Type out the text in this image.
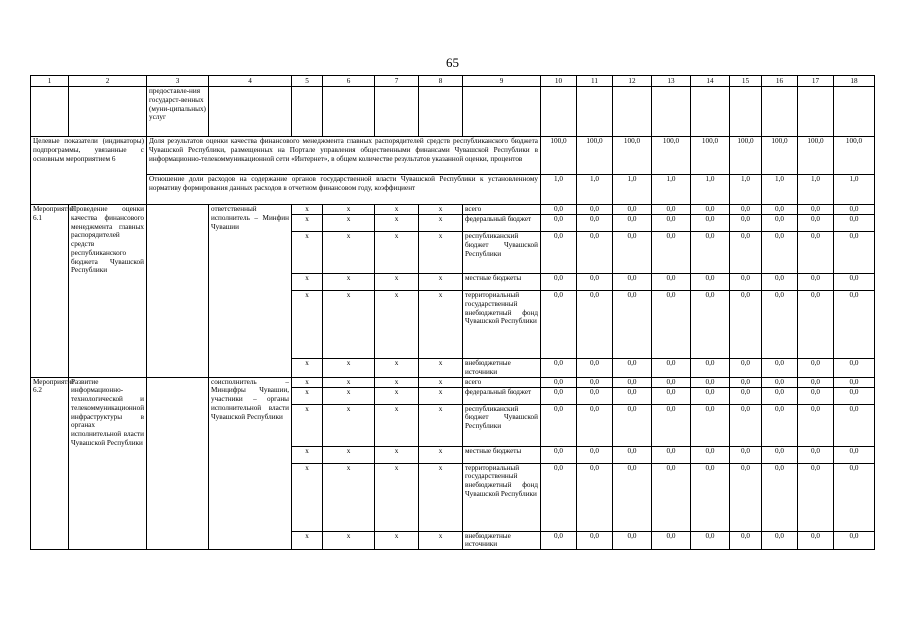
65
1	2	3	4	5	6	7	8	9	10	11	12	13	14	15	16	17	18
		предоставле-ния государст-венных (муни-ципальных) услуг															
Целевые показатели (индикаторы) подпрограммы, увязанные с основным мероприятием 6		Доля результатов оценки качества финансового менеджмента главных распорядителей средств республиканского бюджета Чувашской Республики, размещенных на Портале управления общественными финансами Чувашской Республики в информационно-телекоммуникационной сети «Интернет», в общем количестве результатов указанной оценки, процентов							100,0	100,0	100,0	100,0	100,0	100,0	100,0	100,0	100,0
		Отношение доли расходов на содержание органов государственной власти Чувашской Республики к установленному нормативу формирования данных расходов в отчетном финансовом году, коэффициент							1,0	1,0	1,0	1,0	1,0	1,0	1,0	1,0	1,0
Мероприятие 6.1	Проведение оценки качества финансового менеджмента главных распорядителей средств республиканского бюджета Чувашской Республики		ответственный исполнитель – Минфин Чувашии	x	x	x	x	всего	0,0	0,0	0,0	0,0	0,0	0,0	0,0	0,0	0,0
				x	x	x	x	федеральный бюджет	0,0	0,0	0,0	0,0	0,0	0,0	0,0	0,0	0,0
				x	x	x	x	республиканский бюджет Чувашской Республики	0,0	0,0	0,0	0,0	0,0	0,0	0,0	0,0	0,0
				x	x	x	x	местные бюджеты	0,0	0,0	0,0	0,0	0,0	0,0	0,0	0,0	0,0
				x	x	x	x	территориальный государственный внебюджетный фонд Чувашской Республики	0,0	0,0	0,0	0,0	0,0	0,0	0,0	0,0	0,0
				x	x	x	x	внебюджетные источники	0,0	0,0	0,0	0,0	0,0	0,0	0,0	0,0	0,0
Мероприятие 6.2	Развитие информационно-технологической и телекоммуникационной инфраструктуры в органах исполнительной власти Чувашской Республики		соисполнитель – Минцифры Чувашии, участники – органы исполнительной власти Чувашской Республики	x	x	x	x	всего	0,0	0,0	0,0	0,0	0,0	0,0	0,0	0,0	0,0
				x	x	x	x	федеральный бюджет	0,0	0,0	0,0	0,0	0,0	0,0	0,0	0,0	0,0
				x	x	x	x	республиканский бюджет Чувашской Республики	0,0	0,0	0,0	0,0	0,0	0,0	0,0	0,0	0,0
				x	x	x	x	местные бюджеты	0,0	0,0	0,0	0,0	0,0	0,0	0,0	0,0	0,0
				x	x	x	x	территориальный государственный внебюджетный фонд Чувашской Республики	0,0	0,0	0,0	0,0	0,0	0,0	0,0	0,0	0,0
				x	x	x	x	внебюджетные источники	0,0	0,0	0,0	0,0	0,0	0,0	0,0	0,0	0,0
